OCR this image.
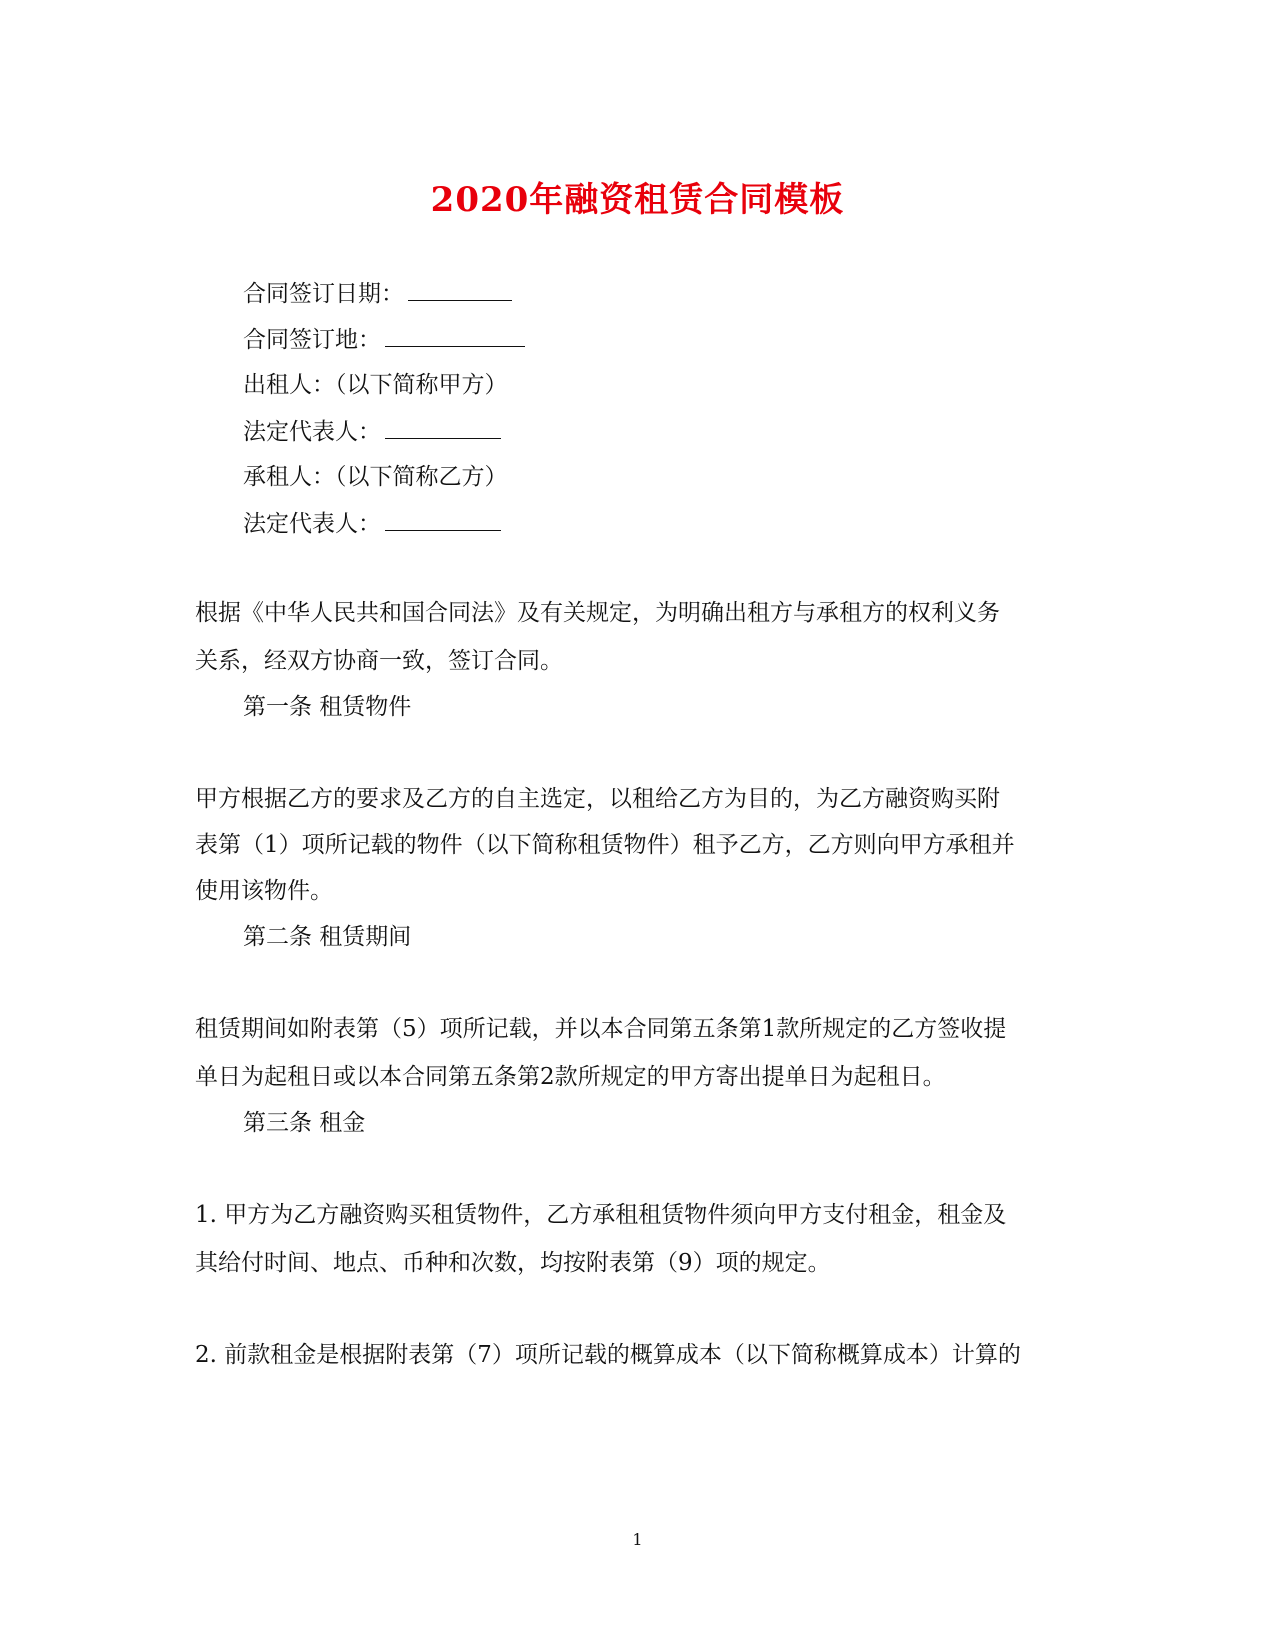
2020年融资租赁合同模板
合同签订日期：
合同签订地：
出租人：（以下简称甲方）
法定代表人：
承租人：（以下简称乙方）
法定代表人：
根据《中华人民共和国合同法》及有关规定，为明确出租方与承租方的权利义务
关系，经双方协商一致，签订合同。
第一条 租赁物件
甲方根据乙方的要求及乙方的自主选定，以租给乙方为目的，为乙方融资购买附
表第（1）项所记载的物件（以下简称租赁物件）租予乙方，乙方则向甲方承租并
使用该物件。
第二条 租赁期间
租赁期间如附表第（5）项所记载，并以本合同第五条第1款所规定的乙方签收提
单日为起租日或以本合同第五条第2款所规定的甲方寄出提单日为起租日。
第三条 租金
1. 甲方为乙方融资购买租赁物件，乙方承租租赁物件须向甲方支付租金，租金及
其给付时间、地点、币种和次数，均按附表第（9）项的规定。
2. 前款租金是根据附表第（7）项所记载的概算成本（以下简称概算成本）计算的
1
